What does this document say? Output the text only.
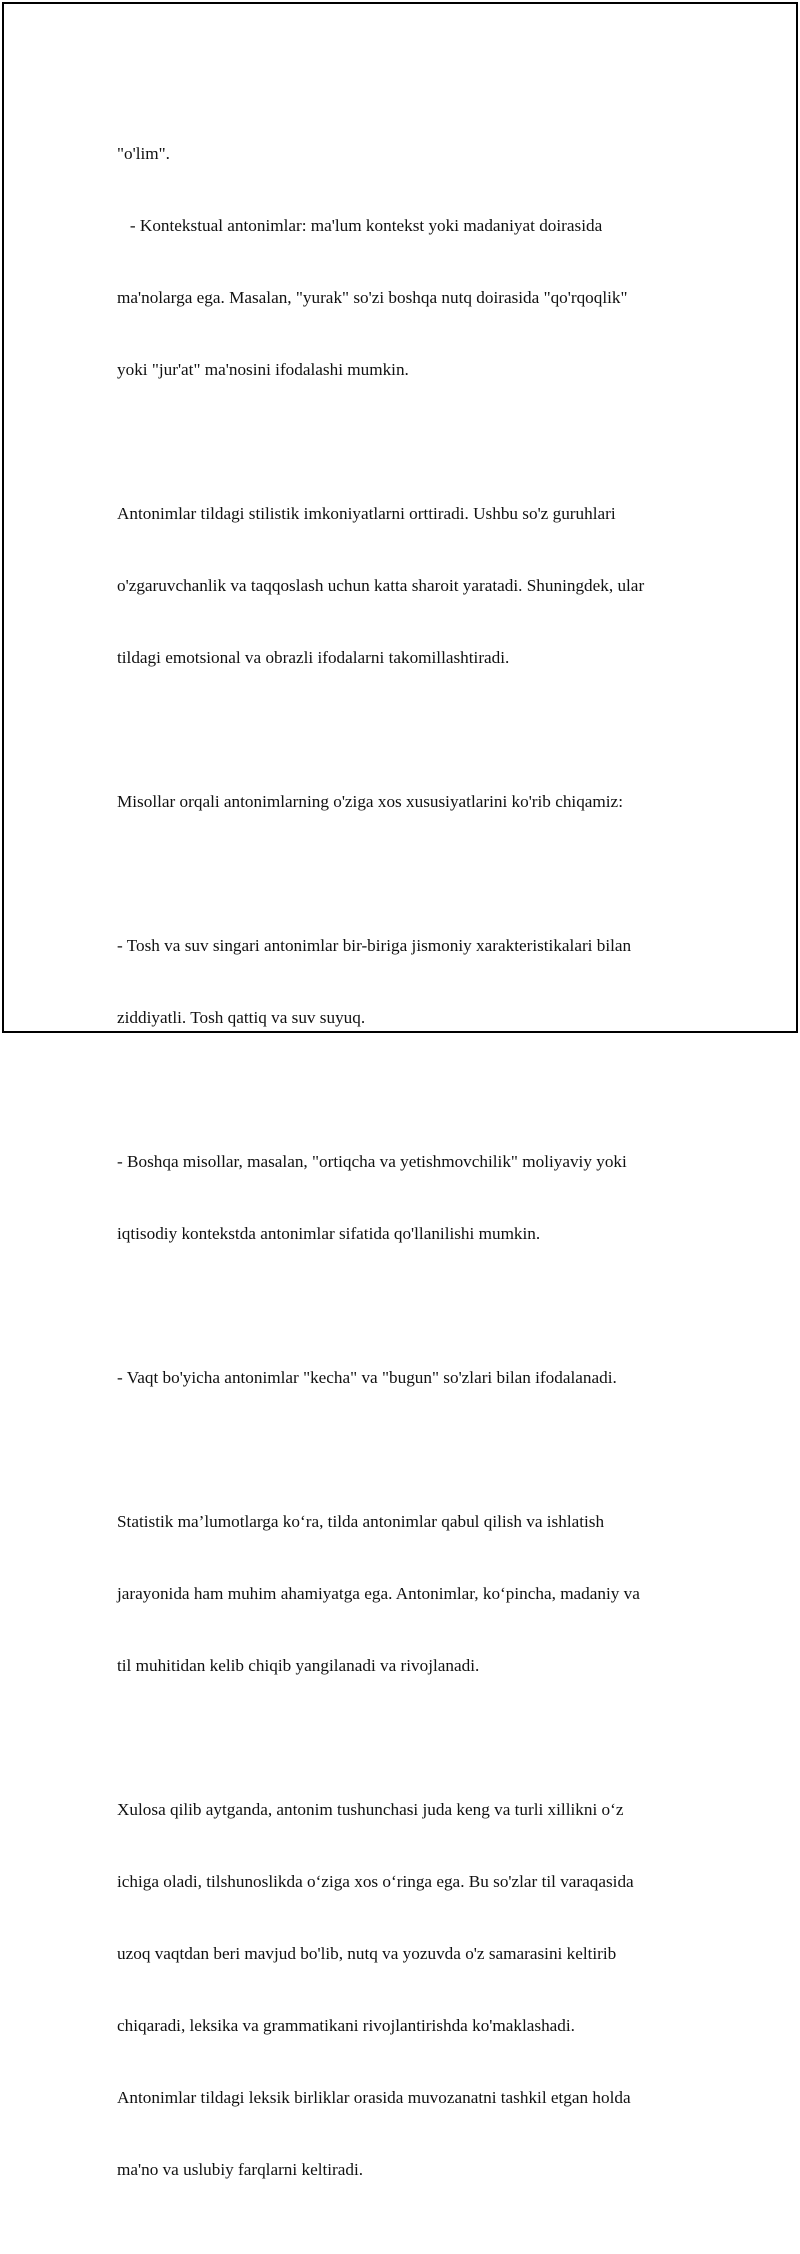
"o'lim".

- Kontekstual antonimlar: ma'lum kontekst yoki madaniyat doirasida

ma'nolarga ega. Masalan, "yurak" so'zi boshqa nutq doirasida "qo'rqoqlik"

yoki "jur'at" ma'nosini ifodalashi mumkin.

Antonimlar tildagi stilistik imkoniyatlarni orttiradi. Ushbu so'z guruhlari

o'zgaruvchanlik va taqqoslash uchun katta sharoit yaratadi. Shuningdek, ular

tildagi emotsional va obrazli ifodalarni takomillashtiradi.

Misollar orqali antonimlarning o'ziga xos xususiyatlarini ko'rib chiqamiz:

- Tosh va suv singari antonimlar bir-biriga jismoniy xarakteristikalari bilan

ziddiyatli. Tosh qattiq va suv suyuq.

- Boshqa misollar, masalan, "ortiqcha va yetishmovchilik" moliyaviy yoki

iqtisodiy kontekstda antonimlar sifatida qo'llanilishi mumkin.

- Vaqt bo'yicha antonimlar "kecha" va "bugun" so'zlari bilan ifodalanadi.

Statistik ma’lumotlarga ko‘ra, tilda antonimlar qabul qilish va ishlatish

jarayonida ham muhim ahamiyatga ega. Antonimlar, ko‘pincha, madaniy va

til muhitidan kelib chiqib yangilanadi va rivojlanadi.

Xulosa qilib aytganda, antonim tushunchasi juda keng va turli xillikni o‘z

ichiga oladi, tilshunoslikda o‘ziga xos o‘ringa ega. Bu so'zlar til varaqasida

uzoq vaqtdan beri mavjud bo'lib, nutq va yozuvda o'z samarasini keltirib

chiqaradi, leksika va grammatikani rivojlantirishda ko'maklashadi.

Antonimlar tildagi leksik birliklar orasida muvozanatni tashkil etgan holda

ma'no va uslubiy farqlarni keltiradi.
